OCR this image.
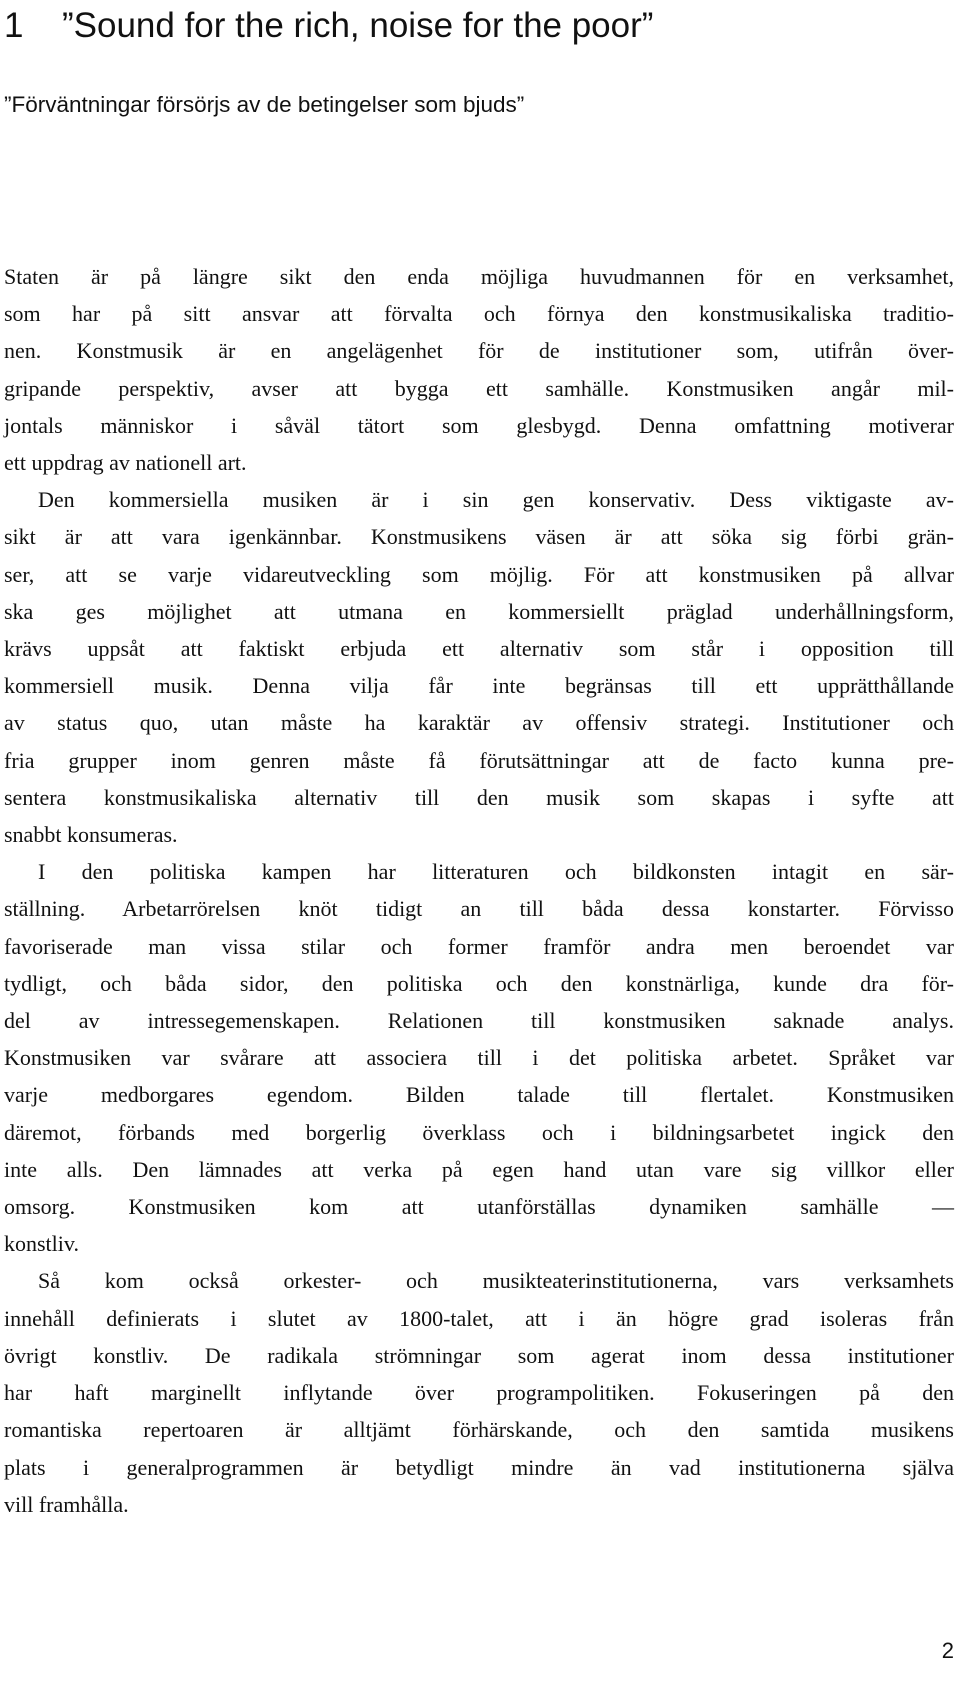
1 ”Sound for the rich, noise for the poor”
”Förväntningar försörjs av de betingelser som bjuds”
Staten är på längre sikt den enda möjliga huvudmannen för en verksamhet,
som har på sitt ansvar att förvalta och förnya den konstmusikaliska traditio-
nen. Konstmusik är en angelägenhet för de institutioner som, utifrån över-
gripande perspektiv, avser att bygga ett samhälle. Konstmusiken angår mil-
jontals människor i såväl tätort som glesbygd. Denna omfattning motiverar
ett uppdrag av nationell art.
Den kommersiella musiken är i sin gen konservativ. Dess viktigaste av-
sikt är att vara igenkännbar. Konstmusikens väsen är att söka sig förbi grän-
ser, att se varje vidareutveckling som möjlig. För att konstmusiken på allvar
ska ges möjlighet att utmana en kommersiellt präglad underhållningsform,
krävs uppsåt att faktiskt erbjuda ett alternativ som står i opposition till
kommersiell musik. Denna vilja får inte begränsas till ett upprätthållande
av status quo, utan måste ha karaktär av offensiv strategi. Institutioner och
fria grupper inom genren måste få förutsättningar att de facto kunna pre-
sentera konstmusikaliska alternativ till den musik som skapas i syfte att
snabbt konsumeras.
I den politiska kampen har litteraturen och bildkonsten intagit en sär-
ställning. Arbetarrörelsen knöt tidigt an till båda dessa konstarter. Förvisso
favoriserade man vissa stilar och former framför andra men beroendet var
tydligt, och båda sidor, den politiska och den konstnärliga, kunde dra för-
del av intressegemenskapen. Relationen till konstmusiken saknade analys.
Konstmusiken var svårare att associera till i det politiska arbetet. Språket var
varje medborgares egendom. Bilden talade till flertalet. Konstmusiken
däremot, förbands med borgerlig överklass och i bildningsarbetet ingick den
inte alls. Den lämnades att verka på egen hand utan vare sig villkor eller
omsorg. Konstmusiken kom att utanförställas dynamiken samhälle —
konstliv.
Så kom också orkester- och musikteaterinstitutionerna, vars verksamhets
innehåll definierats i slutet av 1800-talet, att i än högre grad isoleras från
övrigt konstliv. De radikala strömningar som agerat inom dessa institutioner
har haft marginellt inflytande över programpolitiken. Fokuseringen på den
romantiska repertoaren är alltjämt förhärskande, och den samtida musikens
plats i generalprogrammen är betydligt mindre än vad institutionerna själva
vill framhålla.
2
